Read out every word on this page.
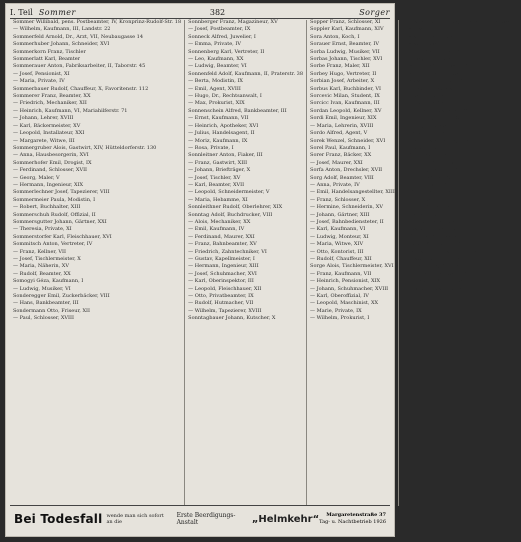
I. Teil Sommer	382	Sorger
Sommer Willibald, pens. Postbeamter, IV, Kronprinz-Rudolf-Str. 18
— Wilhelm, Kaufmann, III, Landstr. 22
Sommerfeld Arnold, Dr., Arzt, VII, Neubaugasse 14
Sommerhuber Johann, Schneider, XVI
Sommerkorn Franz, Tischler
Sommerlatt Karl, Beamter
Sommerauer Anton, Fabriksarbeiter, II, Taborstr. 45
— Josef, Pensionist, XI
— Maria, Private, IV
Sommerbauer Rudolf, Chauffeur, X, Favoritenstr. 112
Sommerer Franz, Beamter, XX
— Friedrich, Mechaniker, XII
— Heinrich, Kaufmann, VI, Mariahilferstr. 71
— Johann, Lehrer, XVIII
— Karl, Bäckermeister, XV
— Leopold, Installateur, XXI
— Margarete, Witwe, III
Sommergruber Alois, Gastwirt, XIV, Hütteldorferstr. 130
— Anna, Hausbesorgerin, XVI
Sommerhofer Emil, Drogist, IX
— Ferdinand, Schlosser, XVII
— Georg, Maler, V
— Hermann, Ingenieur, XIX
Sommerlechner Josef, Tapezierer, VIII
Sommermeier Paula, Modistin, I
— Robert, Buchhalter, XIII
Sommerschuh Rudolf, Offizial, II
Sommersgutter Johann, Gärtner, XXI
— Theresia, Private, XI
Sommerstorfer Karl, Fleischhauer, XVI
Sommitsch Anton, Vertreter, IV
— Franz, Kellner, VII
— Josef, Tischlermeister, X
— Maria, Näherin, XV
— Rudolf, Beamter, XX
Somogyi Géza, Kaufmann, I
— Ludwig, Musiker, VI
Sonderegger Emil, Zuckerbäcker, VIII
— Hans, Bankbeamter, III
Sondermann Otto, Friseur, XII
— Paul, Schlosser, XVIII
Sonnberger Franz, Magazineur, XV
— Josef, Postbeamter, IX
Sonneck Alfred, Juwelier, I
— Emma, Private, IV
Sonnenberg Karl, Vertreter, II
— Leo, Kaufmann, XX
— Ludwig, Beamter, VI
Sonnenfeld Adolf, Kaufmann, II, Praterstr. 38
— Berta, Modistin, IX
— Emil, Agent, XVIII
— Hugo, Dr., Rechtsanwalt, I
— Max, Prokurist, XIX
Sonnenschein Alfred, Bankbeamter, III
— Ernst, Kaufmann, VII
— Heinrich, Apotheker, XVI
— Julius, Handelsagent, II
— Moriz, Kaufmann, IX
— Rosa, Private, I
Sonnleitner Anton, Fiaker, III
— Franz, Gastwirt, XIII
— Johann, Briefträger, X
— Josef, Tischler, XV
— Karl, Beamter, XVII
— Leopold, Schneidermeister, V
— Maria, Hebamme, XI
Sonnleithner Rudolf, Oberlehrer, XIX
Sonntag Adolf, Buchdrucker, VIII
— Alois, Mechaniker, XX
— Emil, Kaufmann, IV
— Ferdinand, Maurer, XXI
— Franz, Bahnbeamter, XV
— Friedrich, Zahntechniker, VI
— Gustav, Kapellmeister, I
— Hermann, Ingenieur, XIII
— Josef, Schuhmacher, XVI
— Karl, Oberinspektor, III
— Leopold, Fleischhauer, XII
— Otto, Privatbeamter, IX
— Rudolf, Hutmacher, VII
— Wilhelm, Tapezierer, XVIII
Sonntagbauer Johann, Kutscher, X
Sopper Franz, Schlosser, XI
Soppler Karl, Kaufmann, XIV
Sora Anton, Koch, I
Sorauer Ernst, Beamter, IV
Sorba Ludwig, Musiker, VII
Sorbas Johann, Tischler, XVI
Sorbe Franz, Maler, XII
Sorbey Hugo, Vertreter, II
Sorbian Josef, Arbeiter, X
Sorbus Karl, Buchbinder, VI
Sorcevic Milan, Student, IX
Sorcicc Ivan, Kaufmann, III
Sordan Leopold, Kellner, XV
Sordi Emil, Ingenieur, XIX
— Maria, Lehrerin, XVIII
Sordo Alfred, Agent, V
Sorek Wenzel, Schneider, XVI
Sorel Paul, Kaufmann, I
Sorer Franz, Bäcker, XX
— Josef, Maurer, XXI
Sorfa Anton, Drechsler, XVII
Sorg Adolf, Beamter, VIII
— Anna, Private, IV
— Emil, Handelsangestellter, XIII
— Franz, Schlosser, X
— Hermine, Schneiderin, XV
— Johann, Gärtner, XIII
— Josef, Bahnbediensteter, II
— Karl, Kaufmann, VI
— Ludwig, Monteur, XI
— Maria, Witwe, XIV
— Otto, Kontorist, III
— Rudolf, Chauffeur, XII
Sorge Alois, Tischlermeister, XVI
— Franz, Kaufmann, VII
— Heinrich, Pensionist, XIX
— Johann, Schuhmacher, XVIII
— Karl, Oberoffizial, IV
— Leopold, Maschinist, XX
— Marie, Private, IX
— Wilhelm, Prokurist, I
Sorger Adolf, Beamter, IV, Wohllebengasse 10
— Alfred, Kaufmann, II
— Anna, Private, XVIII
— Anton, Gastwirt, XV
— Emil, Mechaniker, X
— Ernst, Buchhalter, VI
— Ferdinand, Schlosser, XVI
— Franz, Bahnbeamter, XII
— Friedrich, Drucker, VIII
— Georg, Tapezierer, III
— Gustav, Ingenieur, XIX
— Hans, Musiker, VII
— Heinrich, Schneider, XVII
— Hermann, Zahnarzt, I
— Hugo, Vertreter, IX
— Johann, Maurer, XXI
— Josef, Fleischhauer, XIV
— Julius, Kaufmann, II
— Karl, Offizial, V
— Leopold, Kutscher, XI
— Ludwig, Beamter, XIII
— Maria, Witwe, XX
— Max, Agent, IV
— Otto, Friseur, XV
— Paul, Tischler, X
— Richard, Architekt, I
— Robert, Bankbeamter, III
— Rudolf, Lehrer, XVIII
— Stefan, Gärtner, XIII
— Theodor, Apotheker, VI
— Viktor, Kaufmann, IX
— Wilhelm, Schuhmacher, XVI
Sorgetz Anton, Arbeiter, XII
Sorghof Franz, Kellner, VII
Sorgo Josef, Beamter, XIX
Sorgowitz Karl, Schlosser, XI
Sorgsam Marie, Private, VIII
Bei Todesfall wende man sich sofort an die
Erste Beerdigungs-Anstalt	„Helmkehr“	Margaretenstraße 37
Tag- u. Nachtbetrieb 1926
